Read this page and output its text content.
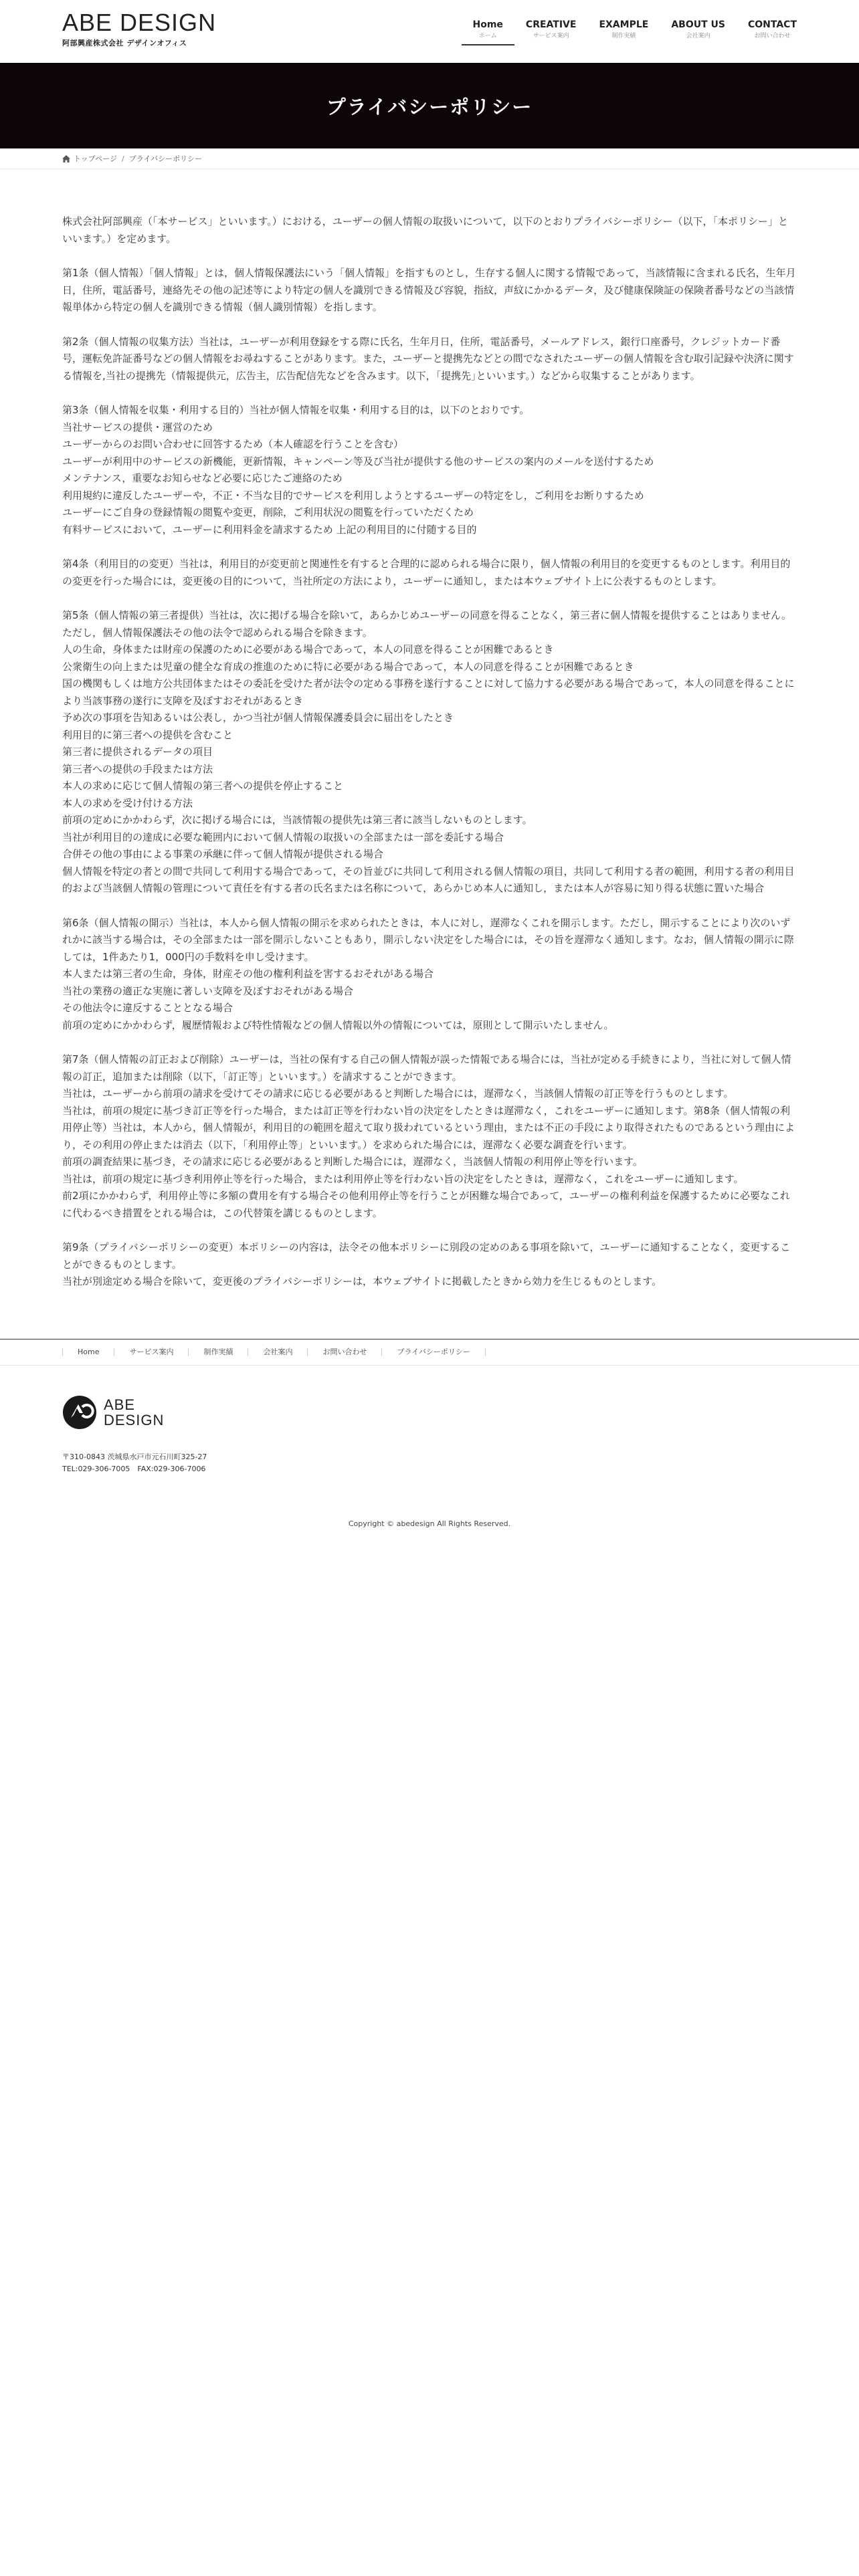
ABE DESIGN
阿部興産株式会社 デザインオフィス
Home
ホーム
CREATIVE
サービス案内
EXAMPLE
制作実績
ABOUT US
会社案内
CONTACT
お問い合わせ
プライバシーポリシー
トップページ / プライバシーポリシー

株式会社阿部興産（「本サービス」といいます。）における，ユーザーの個人情報の取扱いについて，以下のとおりプライバシーポリシー（以下，「本ポリシー」といいます。）を定めます。

第1条（個人情報）「個人情報」とは，個人情報保護法にいう「個人情報」を指すものとし，生存する個人に関する情報であって，当該情報に含まれる氏名，生年月日，住所，電話番号，連絡先その他の記述等により特定の個人を識別できる情報及び容貌，指紋，声紋にかかるデータ，及び健康保険証の保険者番号などの当該情報単体から特定の個人を識別できる情報（個人識別情報）を指します。

第2条（個人情報の収集方法）当社は，ユーザーが利用登録をする際に氏名，生年月日，住所，電話番号，メールアドレス，銀行口座番号，クレジットカード番号，運転免許証番号などの個人情報をお尋ねすることがあります。また，ユーザーと提携先などとの間でなされたユーザーの個人情報を含む取引記録や決済に関する情報を,当社の提携先（情報提供元，広告主，広告配信先などを含みます。以下，｢提携先｣といいます。）などから収集することがあります。

第3条（個人情報を収集・利用する目的）当社が個人情報を収集・利用する目的は，以下のとおりです。
当社サービスの提供・運営のため
ユーザーからのお問い合わせに回答するため（本人確認を行うことを含む）
ユーザーが利用中のサービスの新機能，更新情報，キャンペーン等及び当社が提供する他のサービスの案内のメールを送付するため
メンテナンス，重要なお知らせなど必要に応じたご連絡のため
利用規約に違反したユーザーや，不正・不当な目的でサービスを利用しようとするユーザーの特定をし，ご利用をお断りするため
ユーザーにご自身の登録情報の閲覧や変更，削除，ご利用状況の閲覧を行っていただくため
有料サービスにおいて，ユーザーに利用料金を請求するため 上記の利用目的に付随する目的

第4条（利用目的の変更）当社は，利用目的が変更前と関連性を有すると合理的に認められる場合に限り，個人情報の利用目的を変更するものとします。利用目的の変更を行った場合には，変更後の目的について，当社所定の方法により，ユーザーに通知し，または本ウェブサイト上に公表するものとします。

第5条（個人情報の第三者提供）当社は，次に掲げる場合を除いて，あらかじめユーザーの同意を得ることなく，第三者に個人情報を提供することはありません。ただし，個人情報保護法その他の法令で認められる場合を除きます。
人の生命，身体または財産の保護のために必要がある場合であって，本人の同意を得ることが困難であるとき
公衆衛生の向上または児童の健全な育成の推進のために特に必要がある場合であって，本人の同意を得ることが困難であるとき
国の機関もしくは地方公共団体またはその委託を受けた者が法令の定める事務を遂行することに対して協力する必要がある場合であって，本人の同意を得ることにより当該事務の遂行に支障を及ぼすおそれがあるとき
予め次の事項を告知あるいは公表し，かつ当社が個人情報保護委員会に届出をしたとき
利用目的に第三者への提供を含むこと
第三者に提供されるデータの項目
第三者への提供の手段または方法
本人の求めに応じて個人情報の第三者への提供を停止すること
本人の求めを受け付ける方法
前項の定めにかかわらず，次に掲げる場合には，当該情報の提供先は第三者に該当しないものとします。
当社が利用目的の達成に必要な範囲内において個人情報の取扱いの全部または一部を委託する場合
合併その他の事由による事業の承継に伴って個人情報が提供される場合
個人情報を特定の者との間で共同して利用する場合であって，その旨並びに共同して利用される個人情報の項目，共同して利用する者の範囲，利用する者の利用目的および当該個人情報の管理について責任を有する者の氏名または名称について，あらかじめ本人に通知し，または本人が容易に知り得る状態に置いた場合

第6条（個人情報の開示）当社は，本人から個人情報の開示を求められたときは，本人に対し，遅滞なくこれを開示します。ただし，開示することにより次のいずれかに該当する場合は，その全部または一部を開示しないこともあり，開示しない決定をした場合には，その旨を遅滞なく通知します。なお，個人情報の開示に際しては，1件あたり1，000円の手数料を申し受けます。
本人または第三者の生命，身体，財産その他の権利利益を害するおそれがある場合
当社の業務の適正な実施に著しい支障を及ぼすおそれがある場合
その他法令に違反することとなる場合
前項の定めにかかわらず，履歴情報および特性情報などの個人情報以外の情報については，原則として開示いたしません。

第7条（個人情報の訂正および削除）ユーザーは，当社の保有する自己の個人情報が誤った情報である場合には，当社が定める手続きにより，当社に対して個人情報の訂正，追加または削除（以下，「訂正等」といいます。）を請求することができます。
当社は，ユーザーから前項の請求を受けてその請求に応じる必要があると判断した場合には，遅滞なく，当該個人情報の訂正等を行うものとします。
当社は，前項の規定に基づき訂正等を行った場合，または訂正等を行わない旨の決定をしたときは遅滞なく，これをユーザーに通知します。第8条（個人情報の利用停止等）当社は，本人から，個人情報が，利用目的の範囲を超えて取り扱われているという理由，または不正の手段により取得されたものであるという理由により，その利用の停止または消去（以下，「利用停止等」といいます。）を求められた場合には，遅滞なく必要な調査を行います。
前項の調査結果に基づき，その請求に応じる必要があると判断した場合には，遅滞なく，当該個人情報の利用停止等を行います。
当社は，前項の規定に基づき利用停止等を行った場合，または利用停止等を行わない旨の決定をしたときは，遅滞なく，これをユーザーに通知します。
前2項にかかわらず，利用停止等に多額の費用を有する場合その他利用停止等を行うことが困難な場合であって，ユーザーの権利利益を保護するために必要なこれに代わるべき措置をとれる場合は，この代替策を講じるものとします。

第9条（プライバシーポリシーの変更）本ポリシーの内容は，法令その他本ポリシーに別段の定めのある事項を除いて，ユーザーに通知することなく，変更することができるものとします。
当社が別途定める場合を除いて，変更後のプライバシーポリシーは，本ウェブサイトに掲載したときから効力を生じるものとします。

Home	サービス案内	制作実績	会社案内	お問い合わせ	プライバシーポリシー
ABE
DESIGN
〒310-0843 茨城県水戸市元石川町325-27
TEL:029-306-7005　FAX:029-306-7006
Copyright © abedesign All Rights Reserved.
